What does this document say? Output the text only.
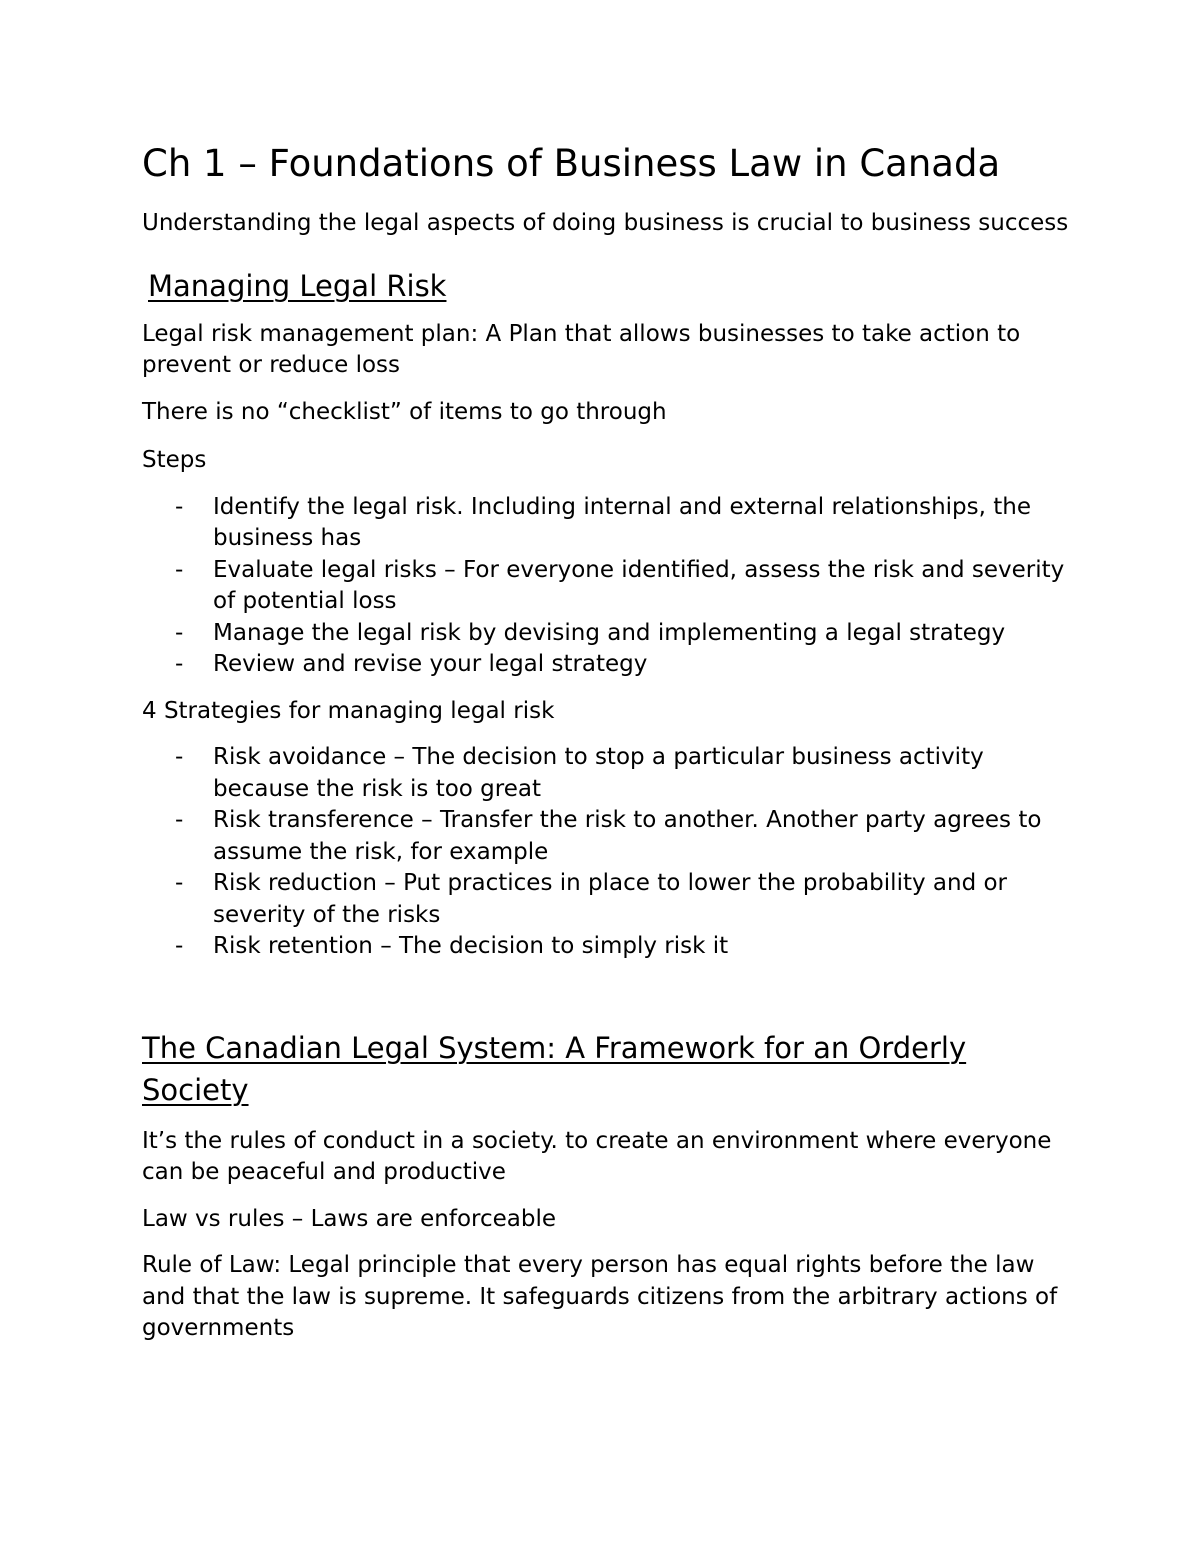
Ch 1 – Foundations of Business Law in Canada

Understanding the legal aspects of doing business is crucial to business success

Managing Legal Risk

Legal risk management plan: A Plan that allows businesses to take action to prevent or reduce loss

There is no “checklist” of items to go through

Steps

- Identify the legal risk. Including internal and external relationships, the business has
- Evaluate legal risks – For everyone identified, assess the risk and severity of potential loss
- Manage the legal risk by devising and implementing a legal strategy
- Review and revise your legal strategy

4 Strategies for managing legal risk

- Risk avoidance – The decision to stop a particular business activity because the risk is too great
- Risk transference – Transfer the risk to another. Another party agrees to assume the risk, for example
- Risk reduction – Put practices in place to lower the probability and or severity of the risks
- Risk retention – The decision to simply risk it
The Canadian Legal System: A Framework for an Orderly Society

It’s the rules of conduct in a society. to create an environment where everyone can be peaceful and productive

Law vs rules – Laws are enforceable

Rule of Law: Legal principle that every person has equal rights before the law and that the law is supreme. It safeguards citizens from the arbitrary actions of governments
